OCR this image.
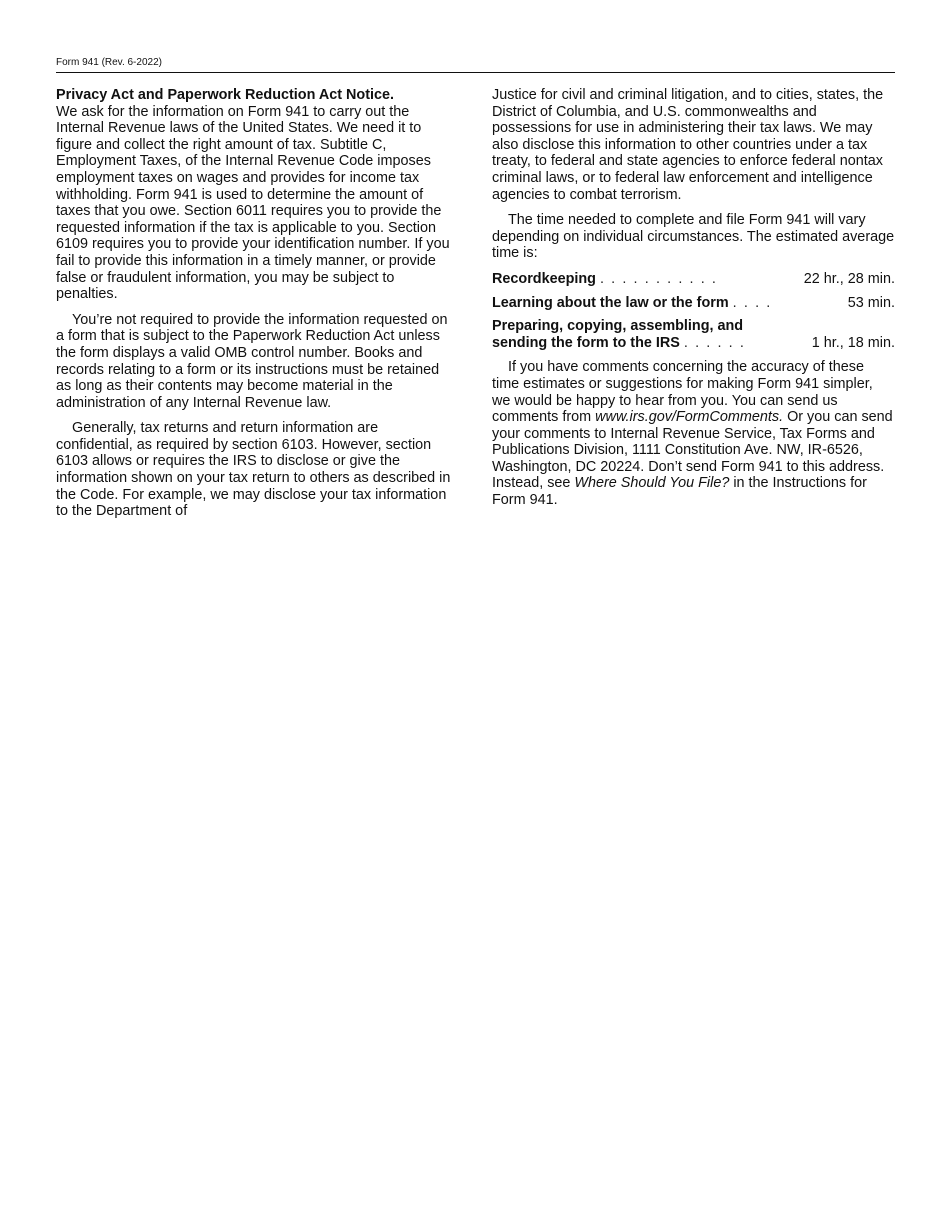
Form 941 (Rev. 6-2022)

Privacy Act and Paperwork Reduction Act Notice.
We ask for the information on Form 941 to carry out the Internal Revenue laws of the United States. We need it to figure and collect the right amount of tax. Subtitle C, Employment Taxes, of the Internal Revenue Code imposes employment taxes on wages and provides for income tax withholding. Form 941 is used to determine the amount of taxes that you owe. Section 6011 requires you to provide the requested information if the tax is applicable to you. Section 6109 requires you to provide your identification number. If you fail to provide this information in a timely manner, or provide false or fraudulent information, you may be subject to penalties.

You’re not required to provide the information requested on a form that is subject to the Paperwork Reduction Act unless the form displays a valid OMB control number. Books and records relating to a form or its instructions must be retained as long as their contents may become material in the administration of any Internal Revenue law.

Generally, tax returns and return information are confidential, as required by section 6103. However, section 6103 allows or requires the IRS to disclose or give the information shown on your tax return to others as described in the Code. For example, we may disclose your tax information to the Department of

Justice for civil and criminal litigation, and to cities, states, the District of Columbia, and U.S. commonwealths and possessions for use in administering their tax laws. We may also disclose this information to other countries under a tax treaty, to federal and state agencies to enforce federal nontax criminal laws, or to federal law enforcement and intelligence agencies to combat terrorism.

The time needed to complete and file Form 941 will vary depending on individual circumstances. The estimated average time is:

Recordkeeping . . . . . . . . . . .	22 hr., 28 min.
Learning about the law or the form . . . .	53 min.
Preparing, copying, assembling, and
sending the form to the IRS . . . . . .	1 hr., 18 min.

If you have comments concerning the accuracy of these time estimates or suggestions for making Form 941 simpler, we would be happy to hear from you. You can send us comments from www.irs.gov/FormComments. Or you can send your comments to Internal Revenue Service, Tax Forms and Publications Division, 1111 Constitution Ave. NW, IR-6526, Washington, DC 20224. Don’t send Form 941 to this address. Instead, see Where Should You File? in the Instructions for Form 941.
